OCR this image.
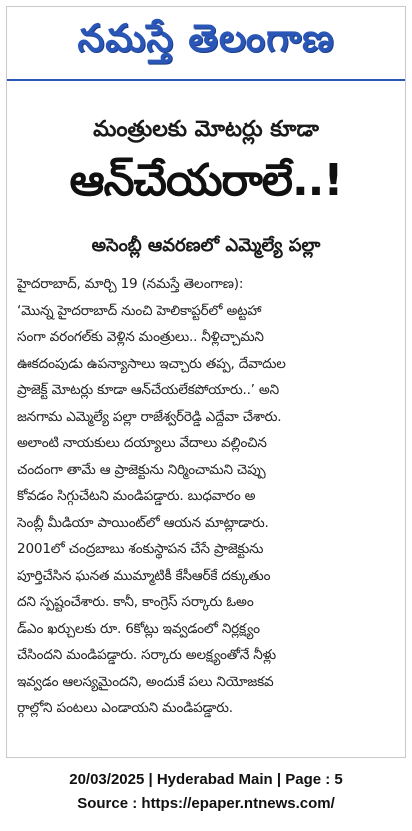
నమస్తే తెలంగాణ
మంత్రులకు మోటర్లు కూడా
ఆన్‌చేయరాలే..!
అసెంబ్లీ ఆవరణలో ఎమ్మెల్యే పల్లా

హైదరాబాద్, మార్చి 19 (నమస్తే తెలంగాణ):

‘మొన్న హైదరాబాద్ నుంచి హెలికాప్టర్‌లో అట్టహా

సంగా వరంగల్‌కు వెళ్లిన మంత్రులు.. నీళ్లిచ్చామని

ఊకదంపుడు ఉపన్యాసాలు ఇచ్చారు తప్ప, దేవాదుల

ప్రాజెక్ట్ మోటర్లు కూడా ఆన్‌చేయలేకపోయారు..’ అని

జనగామ ఎమ్మెల్యే పల్లా రాజేశ్వర్‌రెడ్డి ఎద్దేవా చేశారు.

అలాంటి నాయకులు దయ్యాలు వేదాలు వల్లించిన

చందంగా తామే ఆ ప్రాజెక్టును నిర్మించామని చెప్పు

కోవడం సిగ్గుచేటని మండిపడ్డారు. బుధవారం అ

సెంబ్లీ మీడియా పాయింట్‌లో ఆయన మాట్లాడారు.

2001లో చంద్రబాబు శంకుస్థాపన చేసే ప్రాజెక్టును

పూర్తిచేసిన ఘనత ముమ్మాటికీ కేసీఆర్‌కే దక్కుతుం

దని స్పష్టంచేశారు. కానీ, కాంగ్రెస్ సర్కారు ఓఅం

డ్‌ఎం ఖర్చులకు రూ. 6కోట్లు ఇవ్వడంలో నిర్లక్ష్యం

చేసిందని మండిపడ్డారు. సర్కారు అలక్ష్యంతోనే నీళ్లు

ఇవ్వడం ఆలస్యమైందని, అందుకే పలు నియోజకవ

ర్గాల్లోని పంటలు ఎండాయని మండిపడ్డారు.

20/03/2025 | Hyderabad Main | Page : 5
Source : https://epaper.ntnews.com/
